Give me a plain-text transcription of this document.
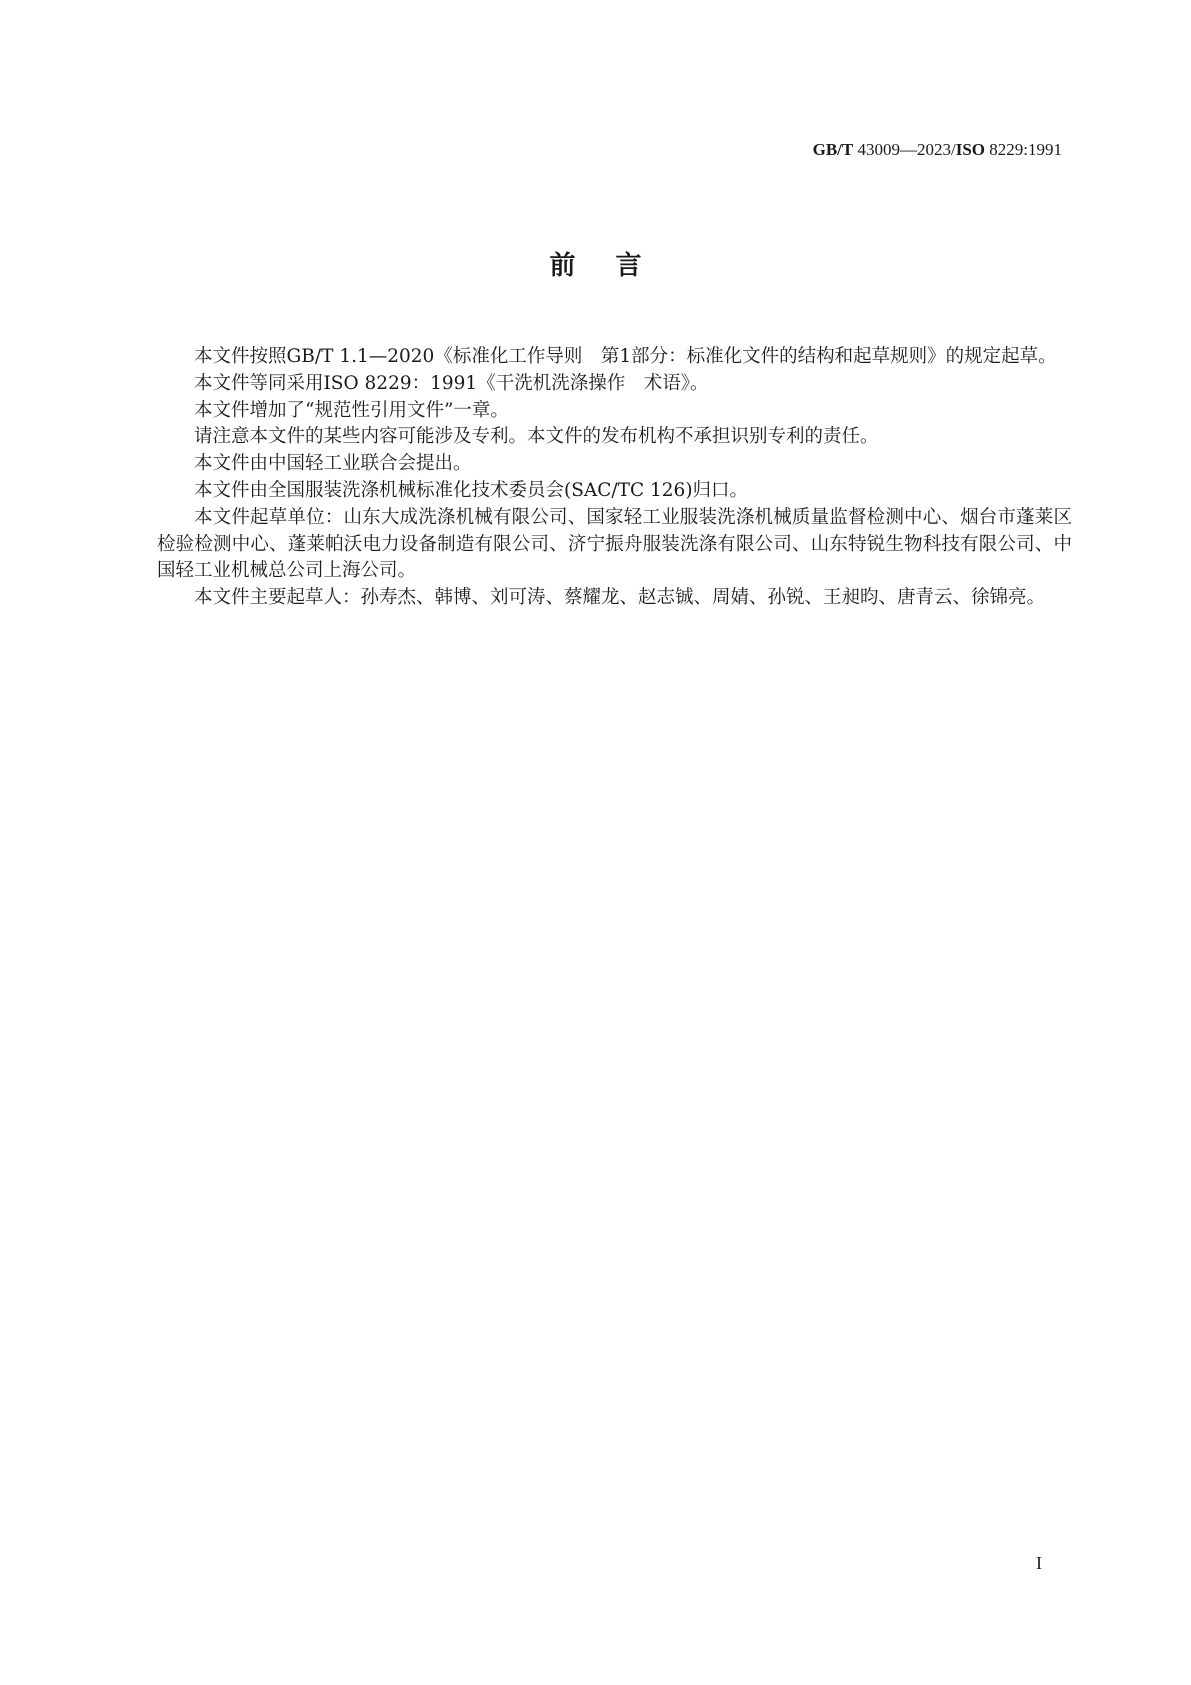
GB/T 43009—2023/ISO 8229:1991
前言

本文件按照GB/T 1.1—2020《标准化工作导则　第1部分：标准化文件的结构和起草规则》的规定起草。

本文件等同采用ISO 8229：1991《干洗机洗涤操作　术语》。

本文件增加了“规范性引用文件”一章。

请注意本文件的某些内容可能涉及专利。本文件的发布机构不承担识别专利的责任。

本文件由中国轻工业联合会提出。

本文件由全国服装洗涤机械标准化技术委员会(SAC/TC 126)归口。

本文件起草单位：山东大成洗涤机械有限公司、国家轻工业服装洗涤机械质量监督检测中心、烟台市蓬莱区检验检测中心、蓬莱帕沃电力设备制造有限公司、济宁振舟服装洗涤有限公司、山东特锐生物科技有限公司、中国轻工业机械总公司上海公司。

本文件主要起草人：孙寿杰、韩博、刘可涛、蔡耀龙、赵志铖、周婧、孙锐、王昶昀、唐青云、徐锦亮。

I
